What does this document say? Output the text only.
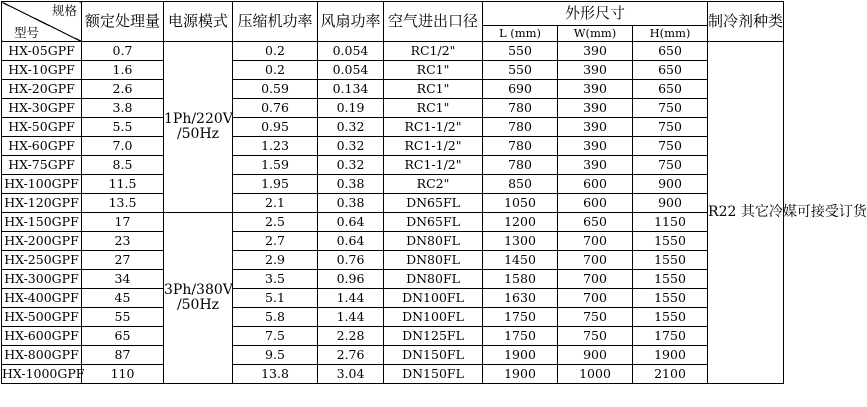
规格
型号	额定处理量	电源模式	压缩机功率	风扇功率	空气进出口径	外形尺寸			制冷剂种类
						L (mm)	W(mm)	H(mm)	
HX-05GPF	0.7	1Ph/220V /50Hz	0.2	0.054	RC1/2"	550	390	650	R22 其它冷媒可接受订货
HX-10GPF	1.6		0.2	0.054	RC1"	550	390	650	
HX-20GPF	2.6		0.59	0.134	RC1"	690	390	650	
HX-30GPF	3.8		0.76	0.19	RC1"	780	390	750	
HX-50GPF	5.5		0.95	0.32	RC1-1/2"	780	390	750	
HX-60GPF	7.0		1.23	0.32	RC1-1/2"	780	390	750	
HX-75GPF	8.5		1.59	0.32	RC1-1/2"	780	390	750	
HX-100GPF	11.5		1.95	0.38	RC2"	850	600	900	
HX-120GPF	13.5		2.1	0.38	DN65FL	1050	600	900	
HX-150GPF	17	3Ph/380V /50Hz	2.5	0.64	DN65FL	1200	650	1150	
HX-200GPF	23		2.7	0.64	DN80FL	1300	700	1550	
HX-250GPF	27		2.9	0.76	DN80FL	1450	700	1550	
HX-300GPF	34		3.5	0.96	DN80FL	1580	700	1550	
HX-400GPF	45		5.1	1.44	DN100FL	1630	700	1550	
HX-500GPF	55		5.8	1.44	DN100FL	1750	750	1550	
HX-600GPF	65		7.5	2.28	DN125FL	1750	750	1750	
HX-800GPF	87		9.5	2.76	DN150FL	1900	900	1900	
HX-1000GPF	110		13.8	3.04	DN150FL	1900	1000	2100	
